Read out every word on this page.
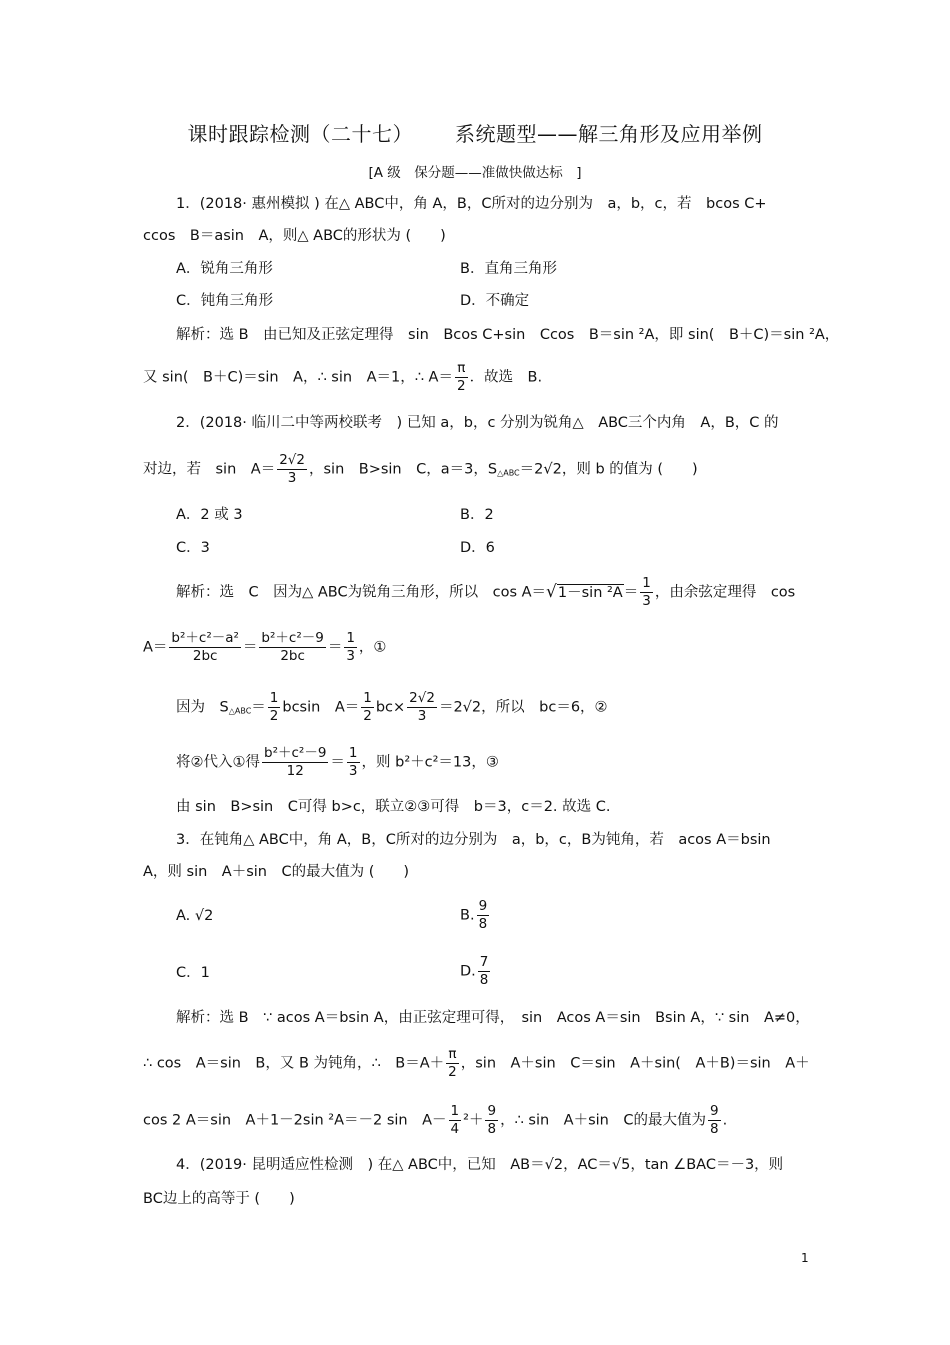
课时跟踪检测（二十七） 系统题型——解三角形及应用举例
[A 级　保分题——准做快做达标　]
1．(2018· 惠州模拟 ) 在△ ABC中，角 A，B，C所对的边分别为　a，b，c，若　bcos C+
ccos　B＝asin　A，则△ ABC的形状为 (　　)
A．锐角三角形	B．直角三角形
C．钝角三角形	D．不确定
解析：选 B　由已知及正弦定理得　sin　Bcos C+sin　Ccos　B＝sin ²A，即 sin(　B＋C)＝sin ²A，
又 sin(　B＋C)＝sin　A，∴ sin　A＝1，∴ $A= \frac{\pi}{2}$ ．故选　B.
2．(2018· 临川二中等两校联考　) 已知 a，b，c 分别为锐角△　ABC三个内角　A，B，C 的
对边，若　sin　$A= \frac{2√2}{3}$ ，sin　B>sin　C，a＝3，$S_{\triangle ABC}=2√2$，则 b 的值为 (　　)
A．2 或 3	B．2
C．3	D．6
解析：选　C　因为△ ABC为锐角三角形，所以　cos A＝√1－sin $^2A= \frac{1}{3}$ ，由余弦定理得　cos
$A= \frac{\text{b²＋c²－a²}}{2bc} = \frac{\text{b²＋c²－9}}{2bc} = \frac{1}{3}$ ，①
因为　$S_{\triangle ABC}= \frac{1}{2}$ bcsin　$A= \frac{1}{2} bc\times \frac{2√2}{3} =2√2$，所以　bc＝6，②
将②代入①得 $\frac{\text{b²＋c²－9}}{12} = \frac{1}{3}$ ，则 b²＋c²＝13，③
由 sin　B>sin　C可得 b>c，联立②③可得　b＝3，c＝2. 故选 C.
3．在钝角△ ABC中，角 A，B，C所对的边分别为　a，b，c，B为钝角，若　acos A＝bsin
A，则 sin　A＋sin　C的最大值为 (　　)
A. √2	B. $\frac{9}{8}$
C．1	D. $\frac{7}{8}$
解析：选 B　∵ acos A＝bsin A，由正弦定理可得，　sin　Acos A＝sin　Bsin A，∵ sin　A≠0，
∴ cos　A＝sin　B，又 B 为钝角，∴　$B=A+ \frac{\pi}{2}$ ，sin　A＋sin　C＝sin　A＋sin(　A＋B)＝sin　A＋
cos 2 A＝sin　A＋1－2sin ²A＝－2 sin　$A- \frac{1}{4} ^2+ \frac{9}{8}$ ，∴ sin　A＋sin　C的最大值为 $\frac{9}{8}$ .
4．(2019· 昆明适应性检测　) 在△ ABC中，已知　AB＝√2，AC＝√5，tan ∠BAC＝－3，则
BC边上的高等于 (　　)
1
